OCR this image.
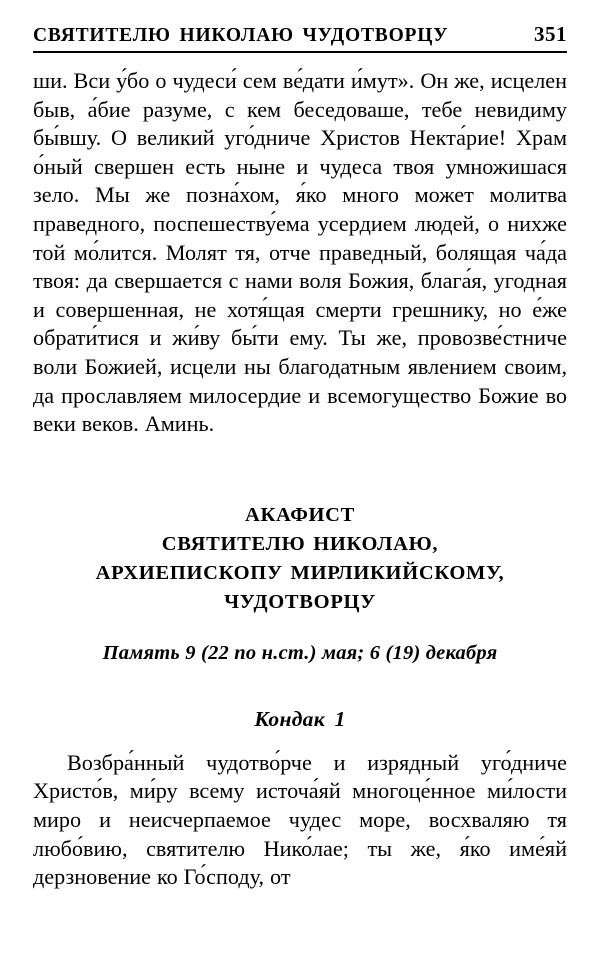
СВЯТИТЕЛЮ НИКОЛАЮ ЧУДОТВОРЦУ	351

ши. Вси у́бо о чудеси́ сем ве́дати и́мут». Он же, исцелен быв, а́бие разуме, с кем беседоваше, тебе невидиму бы́вшу. О великий уго́дниче Христов Некта́рие! Храм о́ный свершен есть ныне и чудеса твоя умножишася зело. Мы же позна́хом, я́ко много может молитва праведного, поспешеству́ема усердием людей, о нихже той мо́лится. Молят тя, отче праведный, болящая ча́да твоя: да свершается с нами воля Божия, блага́я, угодная и совершенная, не хотя́щая смерти грешнику, но е́же обрати́тися и жи́ву бы́ти ему. Ты же, провозве́стниче воли Божией, исцели ны благодатным явлением своим, да прославляем милосердие и всемогущество Божие во веки веков. Аминь.

АКАФИСТ
СВЯТИТЕЛЮ НИКОЛАЮ,
АРХИЕПИСКОПУ МИРЛИКИЙСКОМУ,
ЧУДОТВОРЦУ
Память 9 (22 по н.ст.) мая; 6 (19) декабря
Кондак 1

Возбра́нный чудотво́рче и изрядный уго́дниче Христо́в, ми́ру всему источа́яй многоце́нное ми́лости миро и неисчерпаемое чудес море, восхваляю тя любо́вию, святителю Нико́лае; ты же, я́ко име́яй дерзновение ко Го́споду, от
